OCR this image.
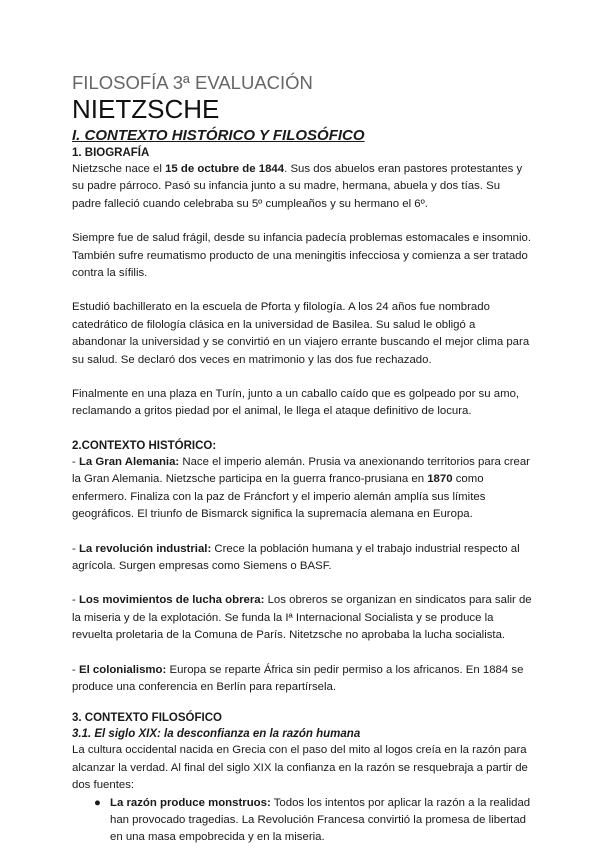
FILOSOFÍA 3ª EVALUACIÓN

NIETZSCHE
I. CONTEXTO HISTÓRICO Y FILOSÓFICO
1. BIOGRAFÍA

Nietzsche nace el 15 de octubre de 1844. Sus dos abuelos eran pastores protestantes y su padre párroco. Pasó su infancia junto a su madre, hermana, abuela y dos tías. Su padre falleció cuando celebraba su 5º cumpleaños y su hermano el 6º.

Siempre fue de salud frágil, desde su infancia padecía problemas estomacales e insomnio. También sufre reumatismo producto de una meningitis infecciosa y comienza a ser tratado contra la sífilis.

Estudió bachillerato en la escuela de Pforta y filología. A los 24 años fue nombrado catedrático de filología clásica en la universidad de Basilea. Su salud le obligó a abandonar la universidad y se convirtió en un viajero errante buscando el mejor clima para su salud. Se declaró dos veces en matrimonio y las dos fue rechazado.

Finalmente en una plaza en Turín, junto a un caballo caído que es golpeado por su amo, reclamando a gritos piedad por el animal, le llega el ataque definitivo de locura.

2.CONTEXTO HISTÓRICO:

- La Gran Alemania: Nace el imperio alemán. Prusia va anexionando territorios para crear la Gran Alemania. Nietzsche participa en la guerra franco-prusiana en 1870 como enfermero. Finaliza con la paz de Fráncfort y el imperio alemán amplía sus límites geográficos. El triunfo de Bismarck significa la supremacía alemana en Europa.

- La revolución industrial: Crece la población humana y el trabajo industrial respecto al agrícola. Surgen empresas como Siemens o BASF.

- Los movimientos de lucha obrera: Los obreros se organizan en sindicatos para salir de la miseria y de la explotación. Se funda la Iª Internacional Socialista y se produce la revuelta proletaria de la Comuna de París. Nitetzsche no aprobaba la lucha socialista.

- El colonialismo: Europa se reparte África sin pedir permiso a los africanos. En 1884 se produce una conferencia en Berlín para repartírsela.

3. CONTEXTO FILOSÓFICO
3.1. El siglo XIX: la desconfianza en la razón humana

La cultura occidental nacida en Grecia con el paso del mito al logos creía en la razón para alcanzar la verdad. Al final del siglo XIX la confianza en la razón se resquebraja a partir de dos fuentes:

● La razón produce monstruos: Todos los intentos por aplicar la razón a la realidad han provocado tragedias. La Revolución Francesa convirtió la promesa de libertad en una masa empobrecida y en la miseria.
